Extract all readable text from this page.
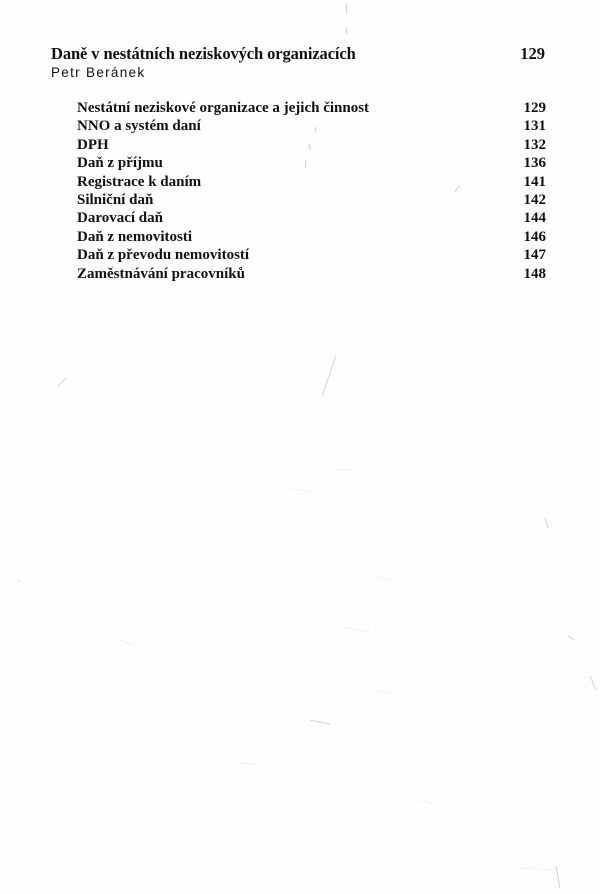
Daně v nestátních neziskových organizacích	129
Petr Beránek
Nestátní neziskové organizace a jejich činnost	129
NNO a systém daní	131
DPH	132
Daň z příjmu	136
Registrace k daním	141
Silniční daň	142
Darovací daň	144
Daň z nemovitosti	146
Daň z převodu nemovitostí	147
Zaměstnávání pracovníků	148
